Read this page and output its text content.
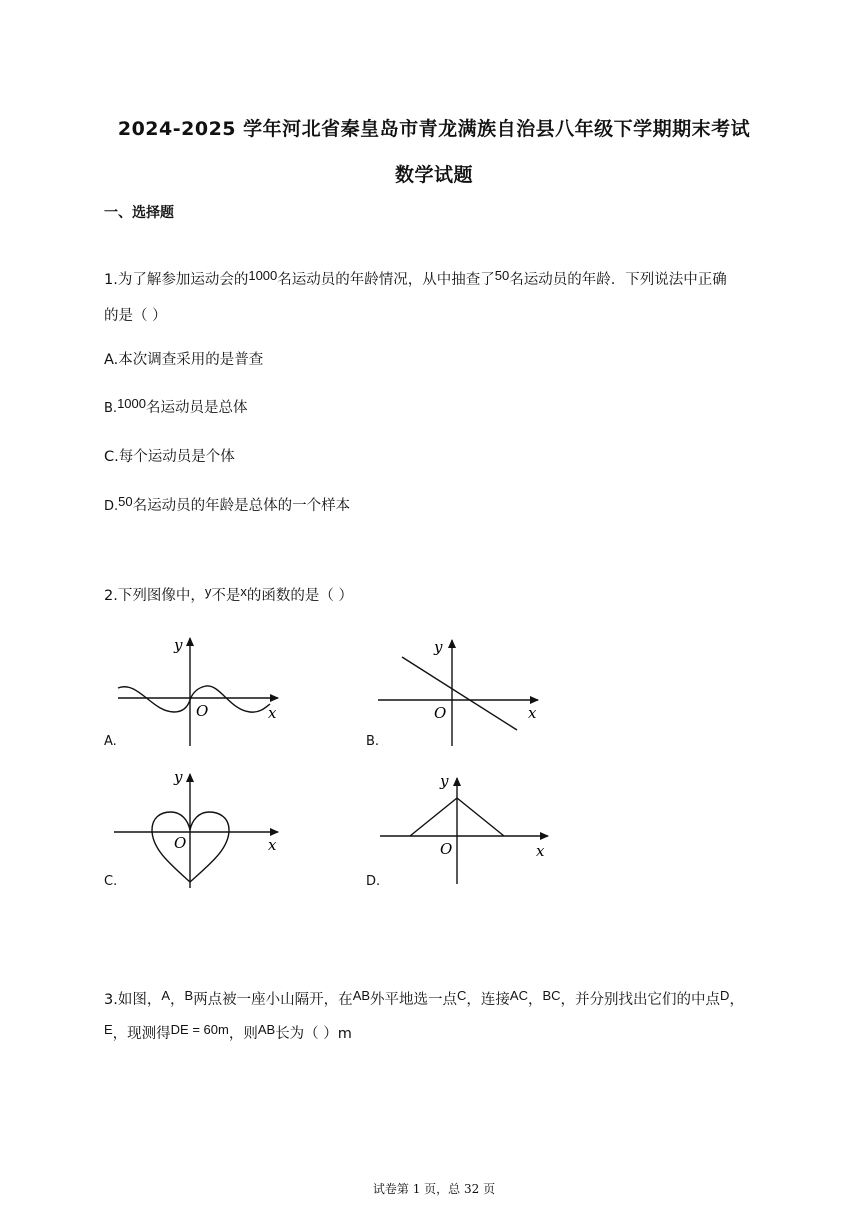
2024-2025 学年河北省秦皇岛市青龙满族自治县八年级下学期期末考试
数学试题
一、选择题
1.为了解参加运动会的1000名运动员的年龄情况，从中抽查了50名运动员的年龄．下列说法中正确
的是（ ）
A.本次调查采用的是普查
B.1000名运动员是总体
C.每个运动员是个体
D.50名运动员的年龄是总体的一个样本
2.下列图像中，y不是x的函数的是（ ）
O	x
y
A.
O	x
y
B.
O	x
y
C.
O	x
y
D.
3.如图，A，B两点被一座小山隔开，在AB外平地选一点C，连接AC，BC，并分别找出它们的中点D，
E，现测得DE = 60m，则AB长为（ ）m
试卷第 1 页，总 32 页
